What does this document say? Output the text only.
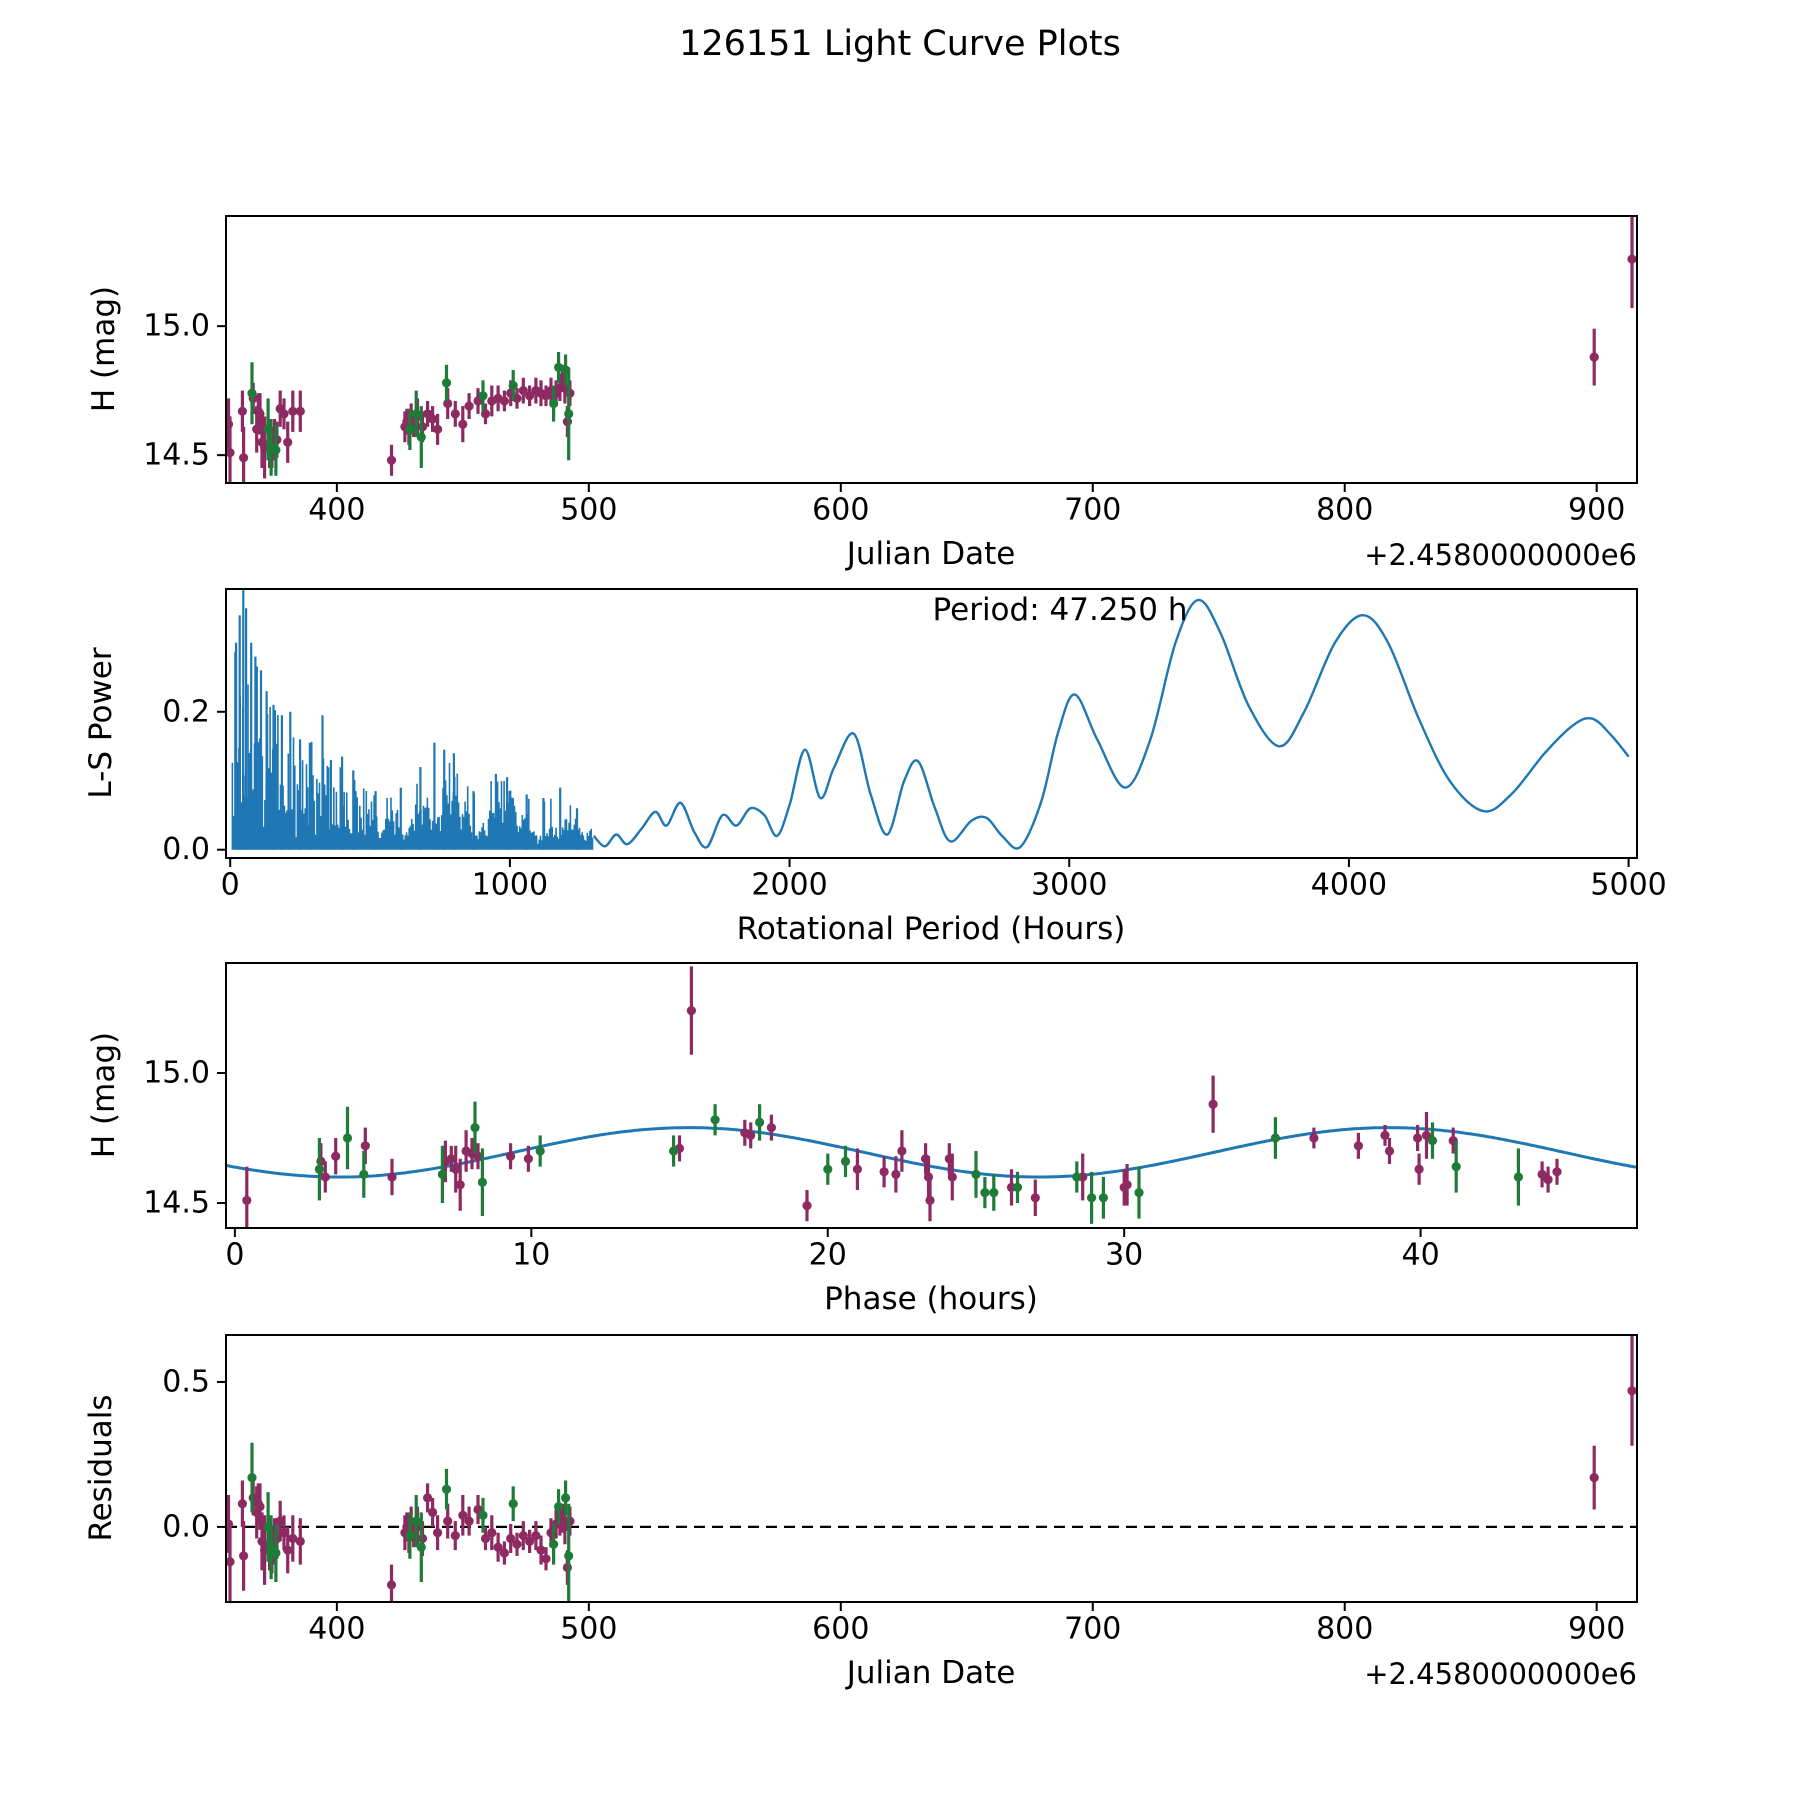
126151 Light Curve Plots
400	500	600	700	800	900
14.5
15.0
0	1000	2000	3000	4000	5000
0.0
0.2
0	10	20	30	40
14.5
15.0
400	500	600	700	800	900
0.0
0.5
H (mag)
L-S Power
H (mag)
Residuals
Julian Date
Rotational Period (Hours)
Phase (hours)
Julian Date
+2.4580000000e6
+2.4580000000e6
Period: 47.250 h
